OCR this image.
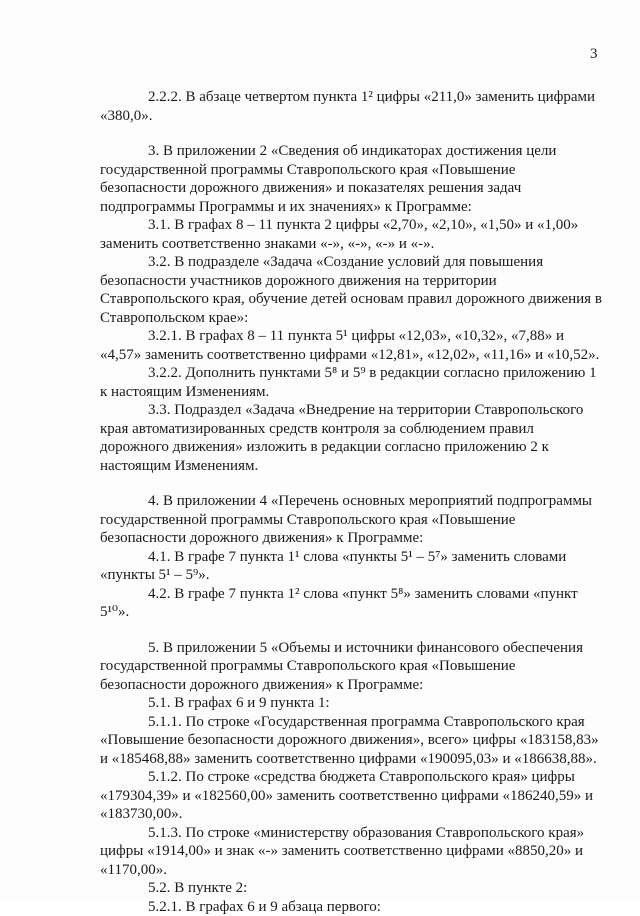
3

2.2.2. В абзаце четвертом пункта 1² цифры «211,0» заменить цифрами «380,0».

3. В приложении 2 «Сведения об индикаторах достижения цели государственной программы Ставропольского края «Повышение безопасности дорожного движения» и показателях решения задач подпрограммы Программы и их значениях» к Программе:

3.1. В графах 8 – 11 пункта 2 цифры «2,70», «2,10», «1,50» и «1,00» заменить соответственно знаками «-», «-», «-» и «-».

3.2. В подразделе «Задача «Создание условий для повышения безопасности участников дорожного движения на территории Ставропольского края, обучение детей основам правил дорожного движения в Ставропольском крае»:

3.2.1. В графах 8 – 11 пункта 5¹ цифры «12,03», «10,32», «7,88» и «4,57» заменить соответственно цифрами «12,81», «12,02», «11,16» и «10,52».

3.2.2. Дополнить пунктами 5⁸ и 5⁹ в редакции согласно приложению 1 к настоящим Изменениям.

3.3. Подраздел «Задача «Внедрение на территории Ставропольского края автоматизированных средств контроля за соблюдением правил дорожного движения» изложить в редакции согласно приложению 2 к настоящим Изменениям.

4. В приложении 4 «Перечень основных мероприятий подпрограммы государственной программы Ставропольского края «Повышение безопасности дорожного движения» к Программе:

4.1. В графе 7 пункта 1¹ слова «пункты 5¹ – 5⁷» заменить словами «пункты 5¹ – 5⁹».

4.2. В графе 7 пункта 1² слова «пункт 5⁸» заменить словами «пункт 5¹⁰».

5. В приложении 5 «Объемы и источники финансового обеспечения государственной программы Ставропольского края «Повышение безопасности дорожного движения» к Программе:

5.1. В графах 6 и 9 пункта 1:

5.1.1. По строке «Государственная программа Ставропольского края «Повышение безопасности дорожного движения», всего» цифры «183158,83» и «185468,88» заменить соответственно цифрами «190095,03» и «186638,88».

5.1.2. По строке «средства бюджета Ставропольского края» цифры «179304,39» и «182560,00» заменить соответственно цифрами «186240,59» и «183730,00».

5.1.3. По строке «министерству образования Ставропольского края» цифры «1914,00» и знак «-» заменить соответственно цифрами «8850,20» и «1170,00».

5.2. В пункте 2:

5.2.1. В графах 6 и 9 абзаца первого:
